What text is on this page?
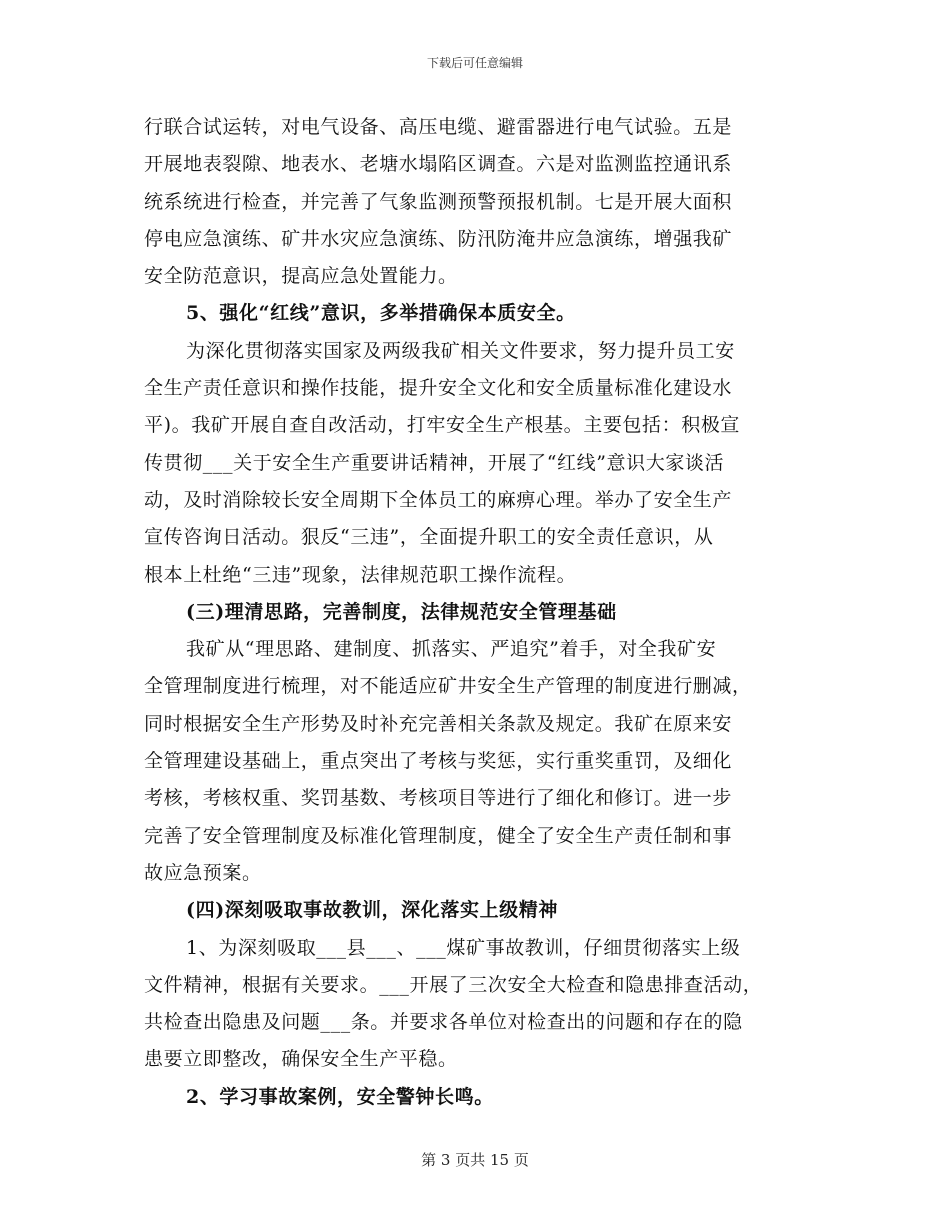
下载后可任意编辑
行联合试运转，对电气设备、高压电缆、避雷器进行电气试验。五是
开展地表裂隙、地表水、老塘水塌陷区调查。六是对监测监控通讯系
统系统进行检查，并完善了气象监测预警预报机制。七是开展大面积
停电应急演练、矿井水灾应急演练、防汛防淹井应急演练，增强我矿
安全防范意识，提高应急处置能力。
5、强化“红线”意识，多举措确保本质安全。
为深化贯彻落实国家及两级我矿相关文件要求，努力提升员工安
全生产责任意识和操作技能，提升安全文化和安全质量标准化建设水
平)。我矿开展自查自改活动，打牢安全生产根基。主要包括：积极宣
传贯彻___关于安全生产重要讲话精神，开展了“红线”意识大家谈活
动，及时消除较长安全周期下全体员工的麻痹心理。举办了安全生产
宣传咨询日活动。狠反“三违”，全面提升职工的安全责任意识，从
根本上杜绝“三违”现象，法律规范职工操作流程。
(三)理清思路，完善制度，法律规范安全管理基础
我矿从“理思路、建制度、抓落实、严追究”着手，对全我矿安
全管理制度进行梳理，对不能适应矿井安全生产管理的制度进行删减，
同时根据安全生产形势及时补充完善相关条款及规定。我矿在原来安
全管理建设基础上，重点突出了考核与奖惩，实行重奖重罚，及细化
考核，考核权重、奖罚基数、考核项目等进行了细化和修订。进一步
完善了安全管理制度及标准化管理制度，健全了安全生产责任制和事
故应急预案。
(四)深刻吸取事故教训，深化落实上级精神
1、为深刻吸取___县___、___煤矿事故教训，仔细贯彻落实上级
文件精神，根据有关要求。___开展了三次安全大检查和隐患排查活动，
共检查出隐患及问题___条。并要求各单位对检查出的问题和存在的隐
患要立即整改，确保安全生产平稳。
2、学习事故案例，安全警钟长鸣。
第 3 页共 15 页
